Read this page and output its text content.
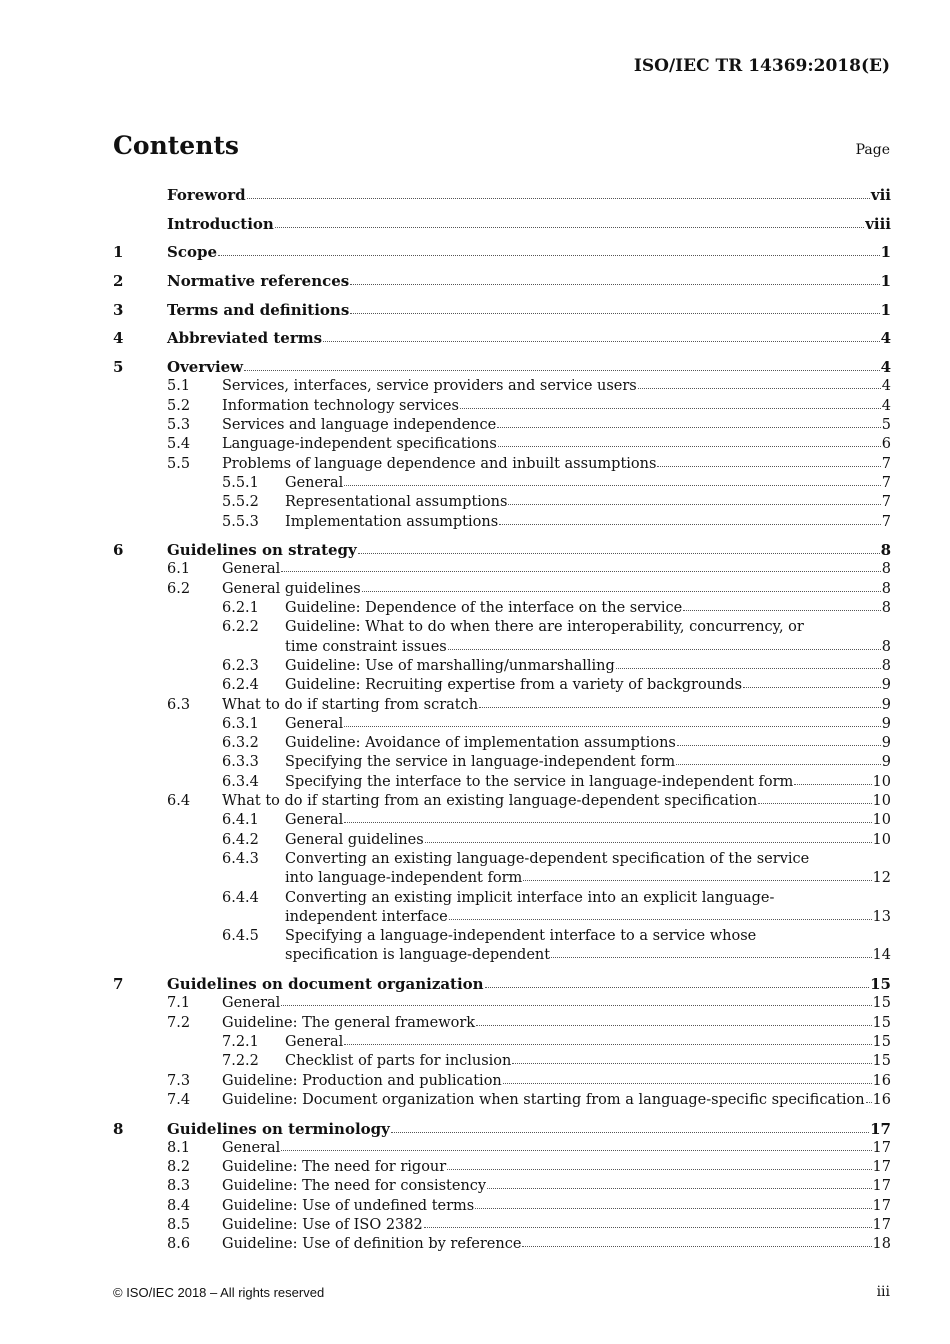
ISO/IEC TR 14369:2018(E)
Contents	Page
Foreword	vii
Introduction	viii
1	Scope	1
2	Normative references	1
3	Terms and definitions	1
4	Abbreviated terms	4
5	Overview	4
5.1	Services, interfaces, service providers and service users	4
5.2	Information technology services	4
5.3	Services and language independence	5
5.4	Language-independent specifications	6
5.5	Problems of language dependence and inbuilt assumptions	7
5.5.1	General	7
5.5.2	Representational assumptions	7
5.5.3	Implementation assumptions	7
6	Guidelines on strategy	8
6.1	General	8
6.2	General guidelines	8
6.2.1	Guideline: Dependence of the interface on the service	8
6.2.2	Guideline: What to do when there are interoperability, concurrency, or
time constraint issues	8
6.2.3	Guideline: Use of marshalling/unmarshalling	8
6.2.4	Guideline: Recruiting expertise from a variety of backgrounds	9
6.3	What to do if starting from scratch	9
6.3.1	General	9
6.3.2	Guideline: Avoidance of implementation assumptions	9
6.3.3	Specifying the service in language-independent form	9
6.3.4	Specifying the interface to the service in language-independent form	10
6.4	What to do if starting from an existing language-dependent specification	10
6.4.1	General	10
6.4.2	General guidelines	10
6.4.3	Converting an existing language-dependent specification of the service
into language-independent form	12
6.4.4	Converting an existing implicit interface into an explicit language-
independent interface	13
6.4.5	Specifying a language-independent interface to a service whose
specification is language-dependent	14
7	Guidelines on document organization	15
7.1	General	15
7.2	Guideline: The general framework	15
7.2.1	General	15
7.2.2	Checklist of parts for inclusion	15
7.3	Guideline: Production and publication	16
7.4	Guideline: Document organization when starting from a language-specific specification 16
8	Guidelines on terminology	17
8.1	General	17
8.2	Guideline: The need for rigour	17
8.3	Guideline: The need for consistency	17
8.4	Guideline: Use of undefined terms	17
8.5	Guideline: Use of ISO 2382	17
8.6	Guideline: Use of definition by reference	18
© ISO/IEC 2018 – All rights reserved	iii
